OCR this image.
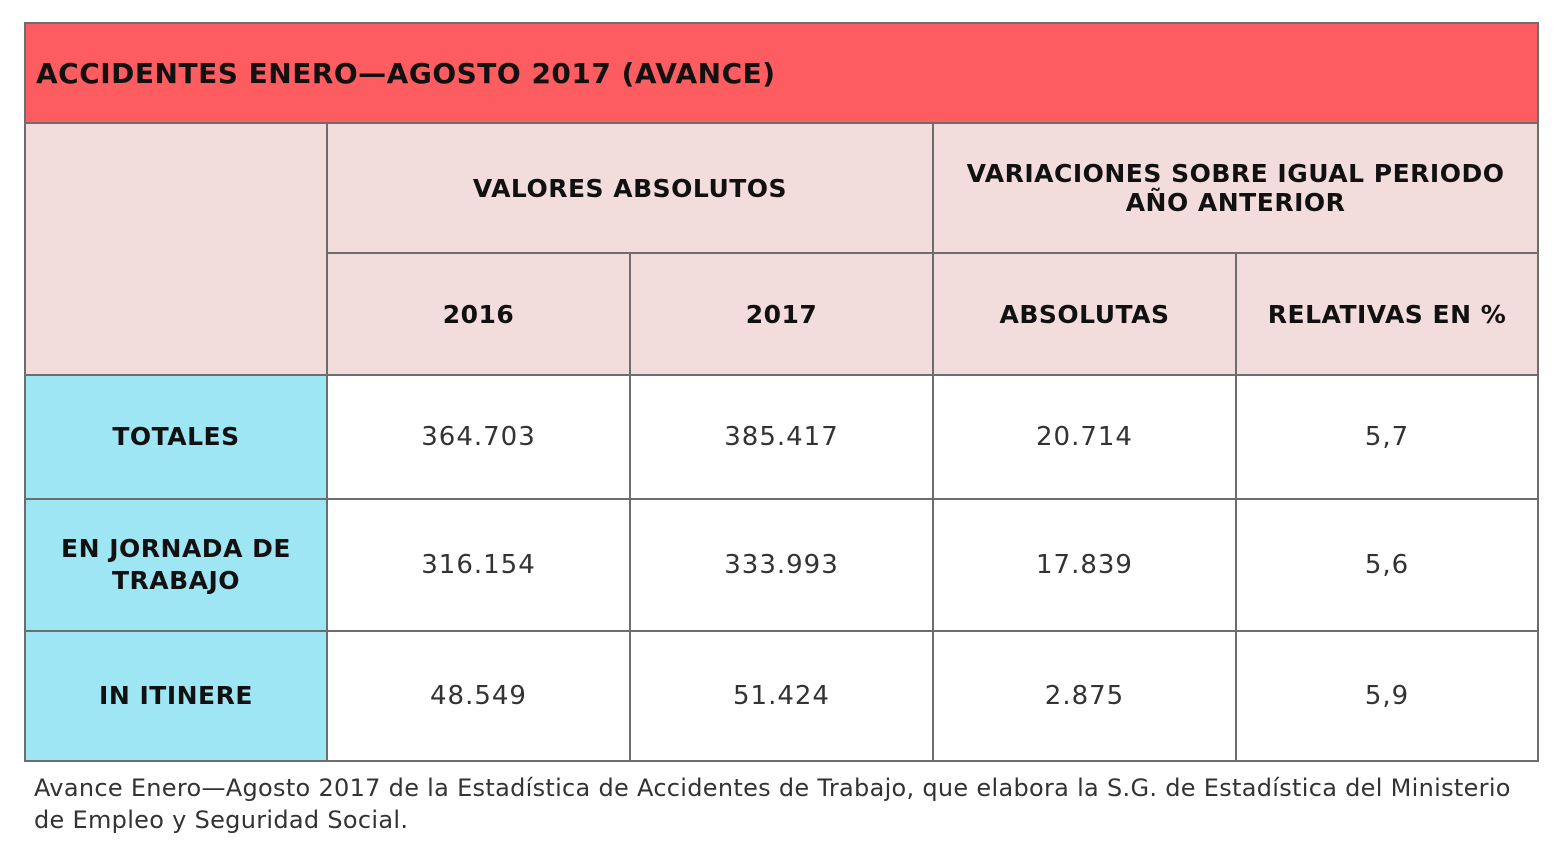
ACCIDENTES ENERO—AGOSTO 2017 (AVANCE)				
	VALORES ABSOLUTOS		VARIACIONES SOBRE IGUAL PERIODO AÑO ANTERIOR	
	2016	2017	ABSOLUTAS	RELATIVAS EN %
TOTALES	364.703	385.417	20.714	5,7
EN JORNADA DE TRABAJO	316.154	333.993	17.839	5,6
IN ITINERE	48.549	51.424	2.875	5,9
Avance Enero—Agosto 2017 de la Estadística de Accidentes de Trabajo, que elabora la S.G. de Estadística del Ministerio de Empleo y Seguridad Social.
